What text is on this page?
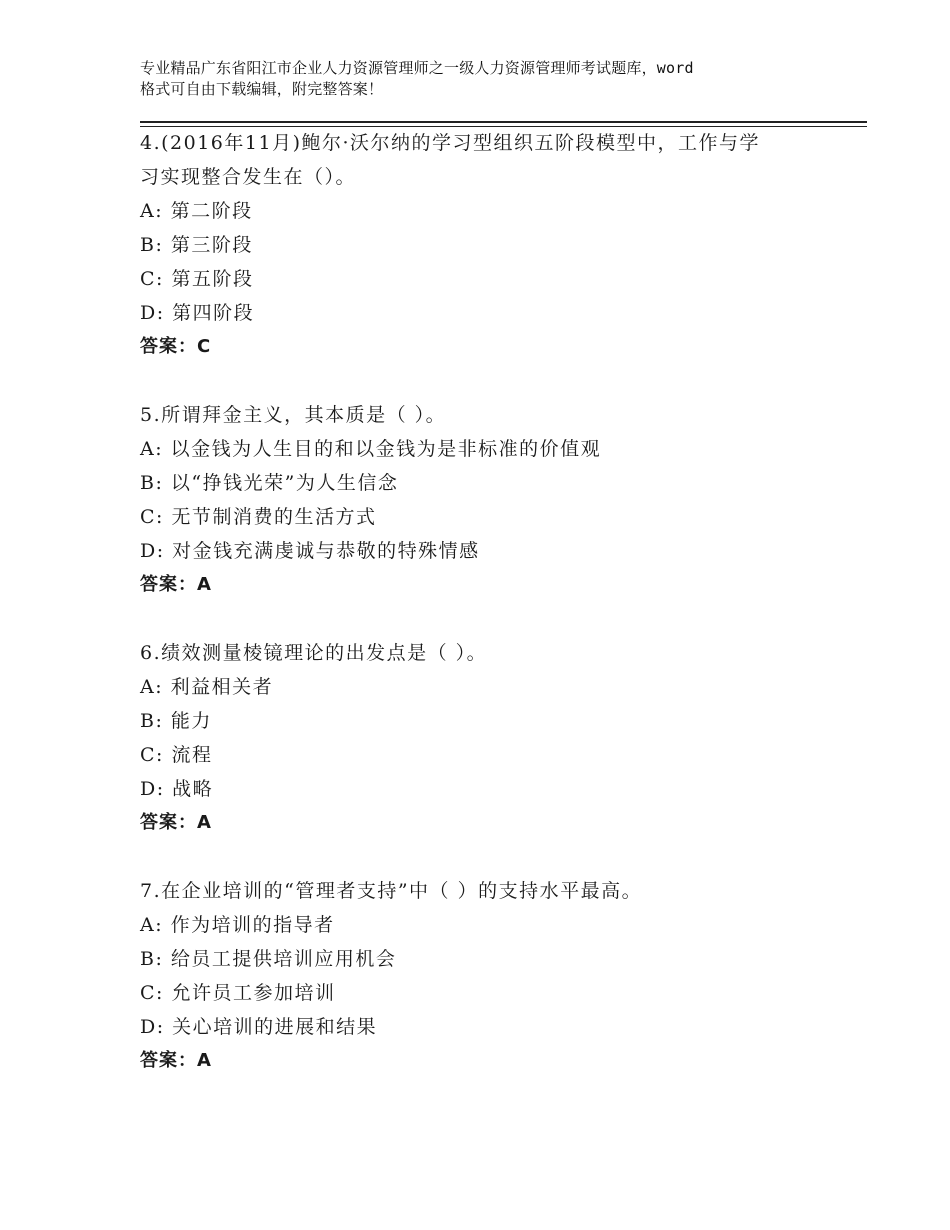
专业精品广东省阳江市企业人力资源管理师之一级人力资源管理师考试题库，word
格式可自由下载编辑，附完整答案！
4.(2016年11月)鲍尔·沃尔纳的学习型组织五阶段模型中，工作与学
习实现整合发生在（）。
A: 第二阶段
B: 第三阶段
C: 第五阶段
D: 第四阶段
答案：C
5.所谓拜金主义，其本质是（ ）。
A: 以金钱为人生目的和以金钱为是非标准的价值观
B: 以“挣钱光荣”为人生信念
C: 无节制消费的生活方式
D: 对金钱充满虔诚与恭敬的特殊情感
答案：A
6.绩效测量棱镜理论的出发点是（ ）。
A: 利益相关者
B: 能力
C: 流程
D: 战略
答案：A
7.在企业培训的“管理者支持”中（ ）的支持水平最高。
A: 作为培训的指导者
B: 给员工提供培训应用机会
C: 允许员工参加培训
D: 关心培训的进展和结果
答案：A
